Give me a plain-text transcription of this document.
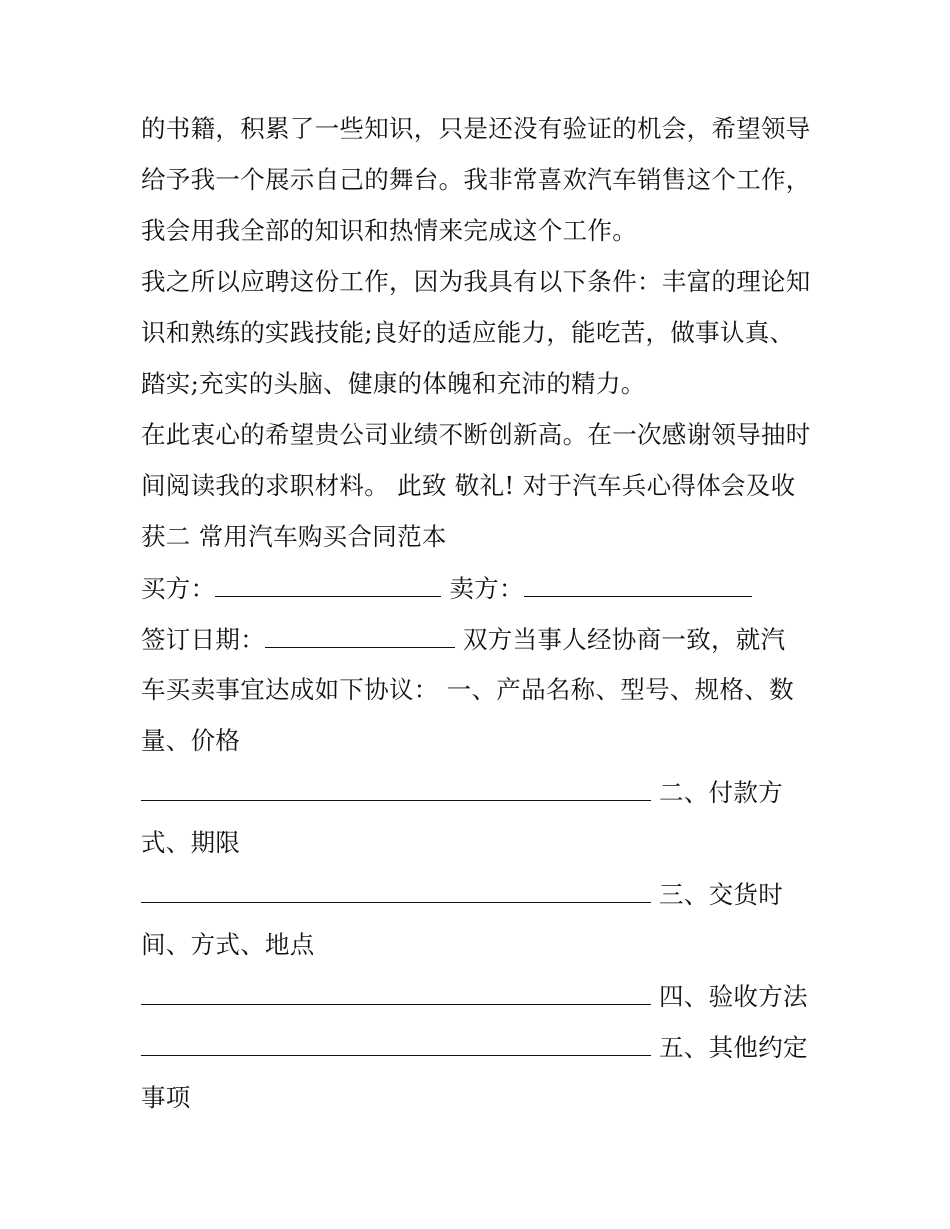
的书籍，积累了一些知识，只是还没有验证的机会，希望领导
给予我一个展示自己的舞台。我非常喜欢汽车销售这个工作，
我会用我全部的知识和热情来完成这个工作。
我之所以应聘这份工作，因为我具有以下条件：丰富的理论知
识和熟练的实践技能;良好的适应能力，能吃苦，做事认真、
踏实;充实的头脑、健康的体魄和充沛的精力。
在此衷心的希望贵公司业绩不断创新高。在一次感谢领导抽时
间阅读我的求职材料。 此致 敬礼! 对于汽车兵心得体会及收
获二 常用汽车购买合同范本
买方：	卖方：
签订日期：	双方当事人经协商一致，就汽
车买卖事宜达成如下协议： 一、产品名称、型号、规格、数
量、价格
二、付款方
式、期限
三、交货时
间、方式、地点
四、验收方法
五、其他约定
事项
